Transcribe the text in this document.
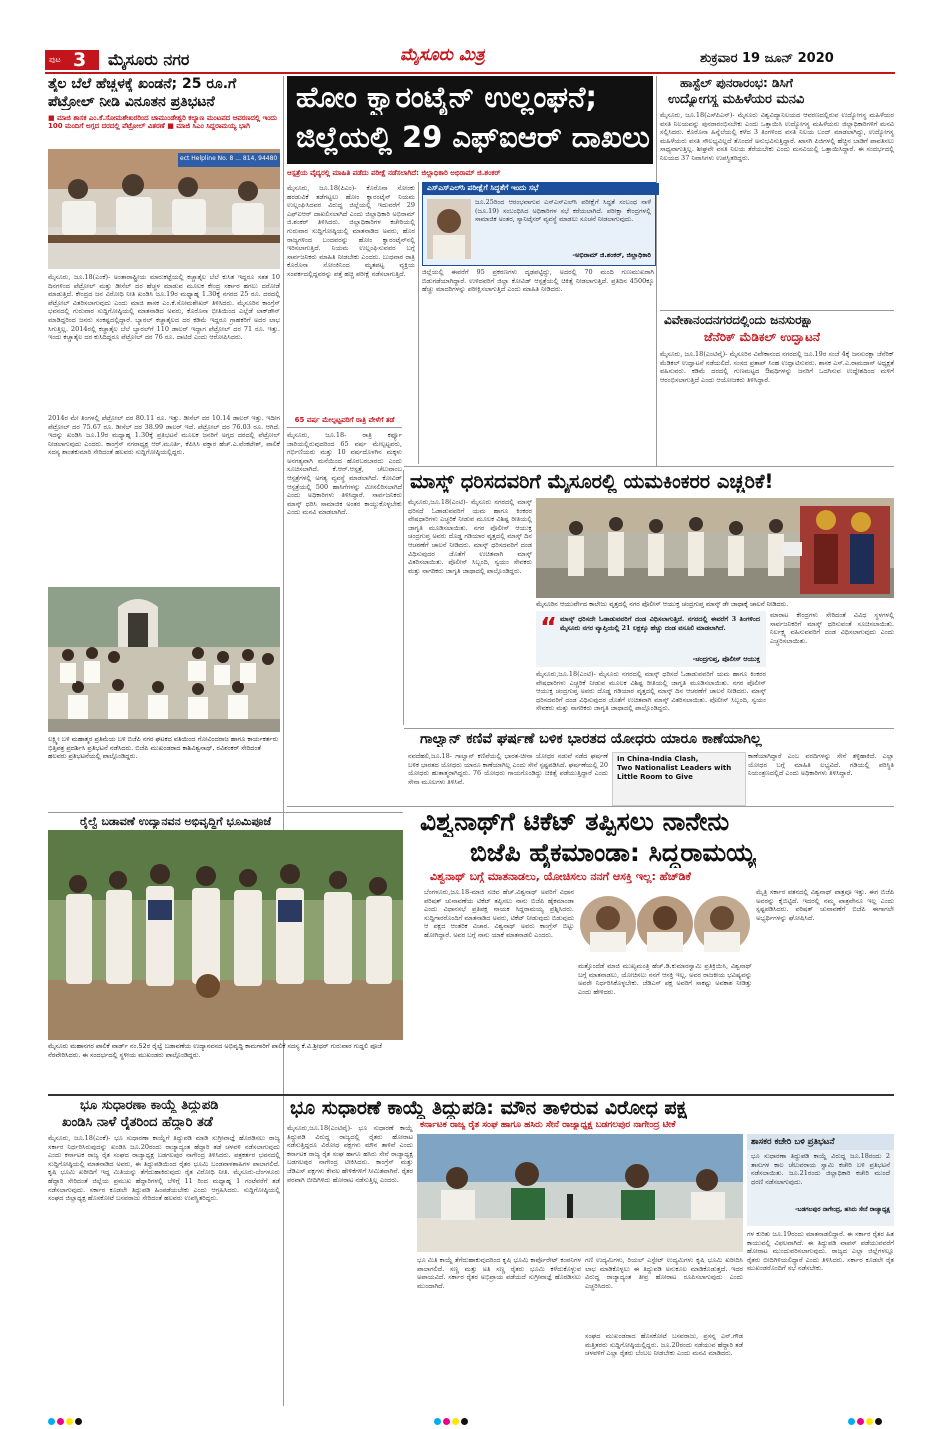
ಪುಟ 3 ಮೈಸೂರು ನಗರ	ಮೈಸೂರು ಮಿತ್ರ	ಶುಕ್ರವಾರ 19 ಜೂನ್ 2020
ತೈಲ ಬೆಲೆ ಹೆಚ್ಚಳಕ್ಕೆ ಖಂಡನೆ; 25 ರೂ.ಗೆ
ಪೆಟ್ರೋಲ್ ನೀಡಿ ವಿನೂತನ ಪ್ರತಿಭಟನೆ
■ ಮಾಜಿ ಶಾಸಕ ಎಂ.ಕೆ.ಸೋಮಶೇಖರರಿಂದ ಚಾಮುಂಡೇಶ್ವರಿ ಕಲ್ಯಾಣ ಮಂಟಪದ ಆವರಣದಲ್ಲಿ ಇಂದು 100 ಮಂದಿಗೆ ಅಗ್ಗದ ದರದಲ್ಲಿ ಪೆಟ್ರೋಲ್ ವಿತರಣೆ ■ ಮಾಜಿ ಸಿಎಂ ಸಿದ್ದರಾಮಯ್ಯ ಭಾಗಿ
ect Helpline No. 8 ... 814, 94480
ಮೈಸೂರು, ಜೂ.18(ಎಂಕೆ)- ಅಂತಾರಾಷ್ಟ್ರೀಯ ಮಾರುಕಟ್ಟೆಯಲ್ಲಿ ಕಚ್ಚಾತೈಲ ಬೆಲೆ ಕುಸಿತ ಇದ್ದರೂ ಸತತ 10 ದಿನಗಳಿಂದ ಪೆಟ್ರೋಲ್ ಮತ್ತು ಡೀಸೆಲ್ ದರ ಹೆಚ್ಚಳ ಮಾಡುವ ಮೂಲಕ ಕೇಂದ್ರ ಸರ್ಕಾರ ಹಗಲು ದರೋಡೆ ಮಾಡುತ್ತಿದೆ. ಕೇಂದ್ರದ ಜನ ವಿರೋಧಿ ನೀತಿ ಖಂಡಿಸಿ ಜೂ.19ರ ಮಧ್ಯಾಹ್ನ 1.30ಕ್ಕೆ ನಗರದ 25 ರೂ. ದರದಲ್ಲಿ ಪೆಟ್ರೋಲ್ ವಿತರಿಸಲಾಗುವುದು ಎಂದು ಮಾಜಿ ಶಾಸಕ ಎಂ.ಕೆ.ಸೋಮಶೇಖರ್ ತಿಳಿಸಿದರು. ಮೈಸೂರಿನ ಕಾಂಗ್ರೆಸ್ ಭವನದಲ್ಲಿ ಗುರುವಾರ ಸುದ್ದಿಗೋಷ್ಠಿಯಲ್ಲಿ ಮಾತನಾಡಿದ ಅವರು, ಕೊರೊನಾ ಭೀತಿಯಿಂದ ಎಲ್ಲೆಡೆ ಲಾಕ್‍ಡೌನ್ ಮಾಡಿದ್ದರಿಂದ ಜನರು ಸಂಕಷ್ಟದಲ್ಲಿದ್ದಾರೆ. ಬ್ಯಾರಲ್ ಕಚ್ಚಾತೈಲದ ದರ ಕಡಿಮೆ ಇದ್ದರೂ ಗ್ರಾಹಕರಿಗೆ ಅದರ ಲಾಭ ಸಿಗುತ್ತಿಲ್ಲ. 2014ರಲ್ಲಿ ಕಚ್ಚಾತೈಲ ಬೆಲೆ ಬ್ಯಾರಲ್‍ಗೆ 110 ಡಾಲರ್ ಇದ್ದಾಗ ಪೆಟ್ರೋಲ್ ದರ 71 ರೂ. ಇತ್ತು. ಇಂದು ಕಚ್ಚಾತೈಲ ದರ ಕುಸಿದಿದ್ದರೂ ಪೆಟ್ರೋಲ್ ದರ 76 ರೂ. ದಾಟಿದೆ ಎಂದು ಆರೋಪಿಸಿದರು.
2014ರ ಮೇ ತಿಂಗಳಲ್ಲಿ ಪೆಟ್ರೋಲ್ ದರ 80.11 ರೂ. ಇತ್ತು. ಡೀಸೆಲ್ ದರ 10.14 ಡಾಲರ್ ಇತ್ತು. ಇದೀಗ ಪೆಟ್ರೋಲ್ ದರ 75.67 ರೂ. ಡೀಸೆಲ್ ದರ 38.99 ಡಾಲರ್ ಇದೆ. ಪೆಟ್ರೋಲ್ ದರ 76.03 ರೂ. ಆಗಿದೆ. ಇದನ್ನು ಖಂಡಿಸಿ ಜೂ.19ರ ಮಧ್ಯಾಹ್ನ 1.30ಕ್ಕೆ ಪ್ರತಿಭಟನೆ ಮೂಲಕ ಜನರಿಗೆ ಅಗ್ಗದ ದರದಲ್ಲಿ ಪೆಟ್ರೋಲ್ ನೀಡಲಾಗುವುದು ಎಂದರು. ಕಾಂಗ್ರೆಸ್ ನಗರಾಧ್ಯಕ್ಷ ಆರ್.ಮೂರ್ತಿ, ಕೆಪಿಸಿಸಿ ವಕ್ತಾರ ಹೆಚ್.ಎ.ವೆಂಕಟೇಶ್, ಪಾಲಿಕೆ ಸದಸ್ಯ ಶಾಂತಕುಮಾರಿ ಸೇರಿದಂತೆ ಹಲವರು ಸುದ್ದಿಗೋಷ್ಠಿಯಲ್ಲಿದ್ದರು.
ಲಕ್ಷ್ಮೀ ಬಳಿ ಮಹಾತ್ಮರ ಪ್ರತಿಮೆಯ ಬಳಿ ಬಿಜೆಪಿ ನಗರ ಘಟಕದ ವತಿಯಿಂದ ಗೋವಿಂದರಾಜ ಹಾಗೂ ಕಾರ್ಯಕರ್ತರು ಭಿತ್ತಿಪತ್ರ ಪ್ರದರ್ಶಿಸಿ ಪ್ರತಿಭಟನೆ ನಡೆಸಿದರು. ಬಿಜೆಪಿ ಮುಖಂಡರಾದ ಕಾಶಿವಿಶ್ವನಾಥ್, ರವಿಶಂಕರ್ ಸೇರಿದಂತೆ ಹಲವರು ಪ್ರತಿಭಟನೆಯಲ್ಲಿ ಪಾಲ್ಗೊಂಡಿದ್ದರು.
ರೈಲ್ವೆ ಬಡಾವಣೆ ಉದ್ಯಾನವನ ಅಭಿವೃದ್ಧಿಗೆ ಭೂಮಿಪೂಜೆ
ಮೈಸೂರು ಮಹಾನಗರ ಪಾಲಿಕೆ ವಾರ್ಡ್ ನಂ.52ರ ರೈಲ್ವೆ ಬಡಾವಣೆಯ ಉದ್ಯಾನವನದ ಅಭಿವೃದ್ಧಿ ಕಾಮಗಾರಿಗೆ ಪಾಲಿಕೆ ಸದಸ್ಯ ಕೆ.ವಿ.ಶ್ರೀಧರ್ ಗುರುವಾರ ಗುದ್ದಲಿ ಪೂಜೆ ನೆರವೇರಿಸಿದರು. ಈ ಸಂದರ್ಭದಲ್ಲಿ ಸ್ಥಳೀಯ ಮುಖಂಡರು ಪಾಲ್ಗೊಂಡಿದ್ದರು.
ಹೋಂ ಕ್ವಾರಂಟೈನ್ ಉಲ್ಲಂಘನೆ;
ಜಿಲ್ಲೆಯಲ್ಲಿ 29 ಎಫ್‍ಐಆರ್ ದಾಖಲು
ಆಸ್ಪತ್ರೆಯ ವೈದ್ಯರಲ್ಲಿ ಮಾಹಿತಿ ಪಡೆದು ಪರೀಕ್ಷೆ ನಡೆಸಲಾಗಿದೆ: ಜಿಲ್ಲಾಧಿಕಾರಿ ಅಭಿರಾಮ್ ಜಿ.ಶಂಕರ್
ಮೈಸೂರು, ಜೂ.18(ಪಿಎಂ)- ಕೊರೊನಾ ಸೋಂಕು ಹರಡುವಿಕೆ ತಡೆಗಟ್ಟಲು ಹೋಂ ಕ್ವಾರಂಟೈನ್ ನಿಯಮ ಉಲ್ಲಂಘಿಸಿದವರ ವಿರುದ್ಧ ಜಿಲ್ಲೆಯಲ್ಲಿ ಇದುವರೆಗೆ 29 ಎಫ್‍ಐಆರ್ ದಾಖಲಿಸಲಾಗಿದೆ ಎಂದು ಜಿಲ್ಲಾಧಿಕಾರಿ ಅಭಿರಾಮ್ ಜಿ.ಶಂಕರ್ ತಿಳಿಸಿದರು. ಜಿಲ್ಲಾಧಿಕಾರಿಗಳ ಕಚೇರಿಯಲ್ಲಿ ಗುರುವಾರ ಸುದ್ದಿಗೋಷ್ಠಿಯಲ್ಲಿ ಮಾತನಾಡಿದ ಅವರು, ಹೊರ ರಾಜ್ಯಗಳಿಂದ ಬಂದವರನ್ನು ಹೋಂ ಕ್ವಾರಂಟೈನ್‍ನಲ್ಲಿ ಇರಿಸಲಾಗುತ್ತಿದೆ. ನಿಯಮ ಉಲ್ಲಂಘಿಸುವವರ ಬಗ್ಗೆ ಸಾರ್ವಜನಿಕರು ಮಾಹಿತಿ ನೀಡಬೇಕು ಎಂದರು. ಬುಧವಾರ ರಾತ್ರಿ ಕೊರೊನಾ ಸೋಂಕಿನಿಂದ ಮೃತಪಟ್ಟ ವ್ಯಕ್ತಿಯ ಸಂಪರ್ಕದಲ್ಲಿದ್ದವರನ್ನು ಪತ್ತೆ ಹಚ್ಚಿ ಪರೀಕ್ಷೆ ನಡೆಸಲಾಗುತ್ತಿದೆ.
ಎಸ್‍ಎಸ್‍ಎಲ್‍ಸಿ ಪರೀಕ್ಷೆಗೆ ಸಿದ್ಧತೆಗೆ ಇಂದು ಸಭೆ
ಜೂ.25ರಿಂದ ಆರಂಭವಾಗುವ ಎಸ್‍ಎಸ್‍ಎಲ್‍ಸಿ ಪರೀಕ್ಷೆಗೆ ಸಿದ್ಧತೆ ಸಂಬಂಧ ನಾಳೆ (ಜೂ.19) ಸಂಬಂಧಿಸಿದ ಅಧಿಕಾರಿಗಳ ಸಭೆ ಕರೆಯಲಾಗಿದೆ. ಪರೀಕ್ಷಾ ಕೇಂದ್ರಗಳಲ್ಲಿ ಸಾಮಾಜಿಕ ಅಂತರ, ಸ್ಯಾನಿಟೈಸರ್ ವ್ಯವಸ್ಥೆ ಮಾಡಲು ಸೂಚನೆ ನೀಡಲಾಗುವುದು.
-ಅಭಿರಾಮ್ ಜಿ.ಶಂಕರ್, ಜಿಲ್ಲಾಧಿಕಾರಿ
ಜಿಲ್ಲೆಯಲ್ಲಿ ಈವರೆಗೆ 95 ಪ್ರಕರಣಗಳು ದೃಢಪಟ್ಟಿದ್ದು, ಅದರಲ್ಲಿ 70 ಮಂದಿ ಗುಣಮುಖರಾಗಿ ಬಿಡುಗಡೆಯಾಗಿದ್ದಾರೆ. ಉಳಿದವರಿಗೆ ಜಿಲ್ಲಾ ಕೋವಿಡ್ ಆಸ್ಪತ್ರೆಯಲ್ಲಿ ಚಿಕಿತ್ಸೆ ನೀಡಲಾಗುತ್ತಿದೆ. ಪ್ರತಿದಿನ 4500ಕ್ಕೂ ಹೆಚ್ಚು ಮಾದರಿಗಳನ್ನು ಪರೀಕ್ಷಿಸಲಾಗುತ್ತಿದೆ ಎಂದು ಮಾಹಿತಿ ನೀಡಿದರು.
65 ವರ್ಷ ಮೇಲ್ಪಟ್ಟವರಿಗೆ ರಾತ್ರಿ ವೇಳೆಗೆ ತಡೆ
ಮೈಸೂರು, ಜೂ.18- ರಾತ್ರಿ ಕರ್ಫ್ಯೂ ಜಾರಿಯಲ್ಲಿರುವುದರಿಂದ 65 ವರ್ಷ ಮೇಲ್ಪಟ್ಟವರು, ಗರ್ಭಿಣಿಯರು ಮತ್ತು 10 ವರ್ಷದೊಳಗಿನ ಮಕ್ಕಳು ಅನಗತ್ಯವಾಗಿ ಮನೆಯಿಂದ ಹೊರಬರಬಾರದು ಎಂದು ಸೂಚಿಸಲಾಗಿದೆ. ಕೆ.ಆರ್.ಆಸ್ಪತ್ರೆ, ಚೆಲುವಾಂಬ ಆಸ್ಪತ್ರೆಗಳಲ್ಲಿ ಅಗತ್ಯ ವ್ಯವಸ್ಥೆ ಮಾಡಲಾಗಿದೆ. ಕೋವಿಡ್ ಆಸ್ಪತ್ರೆಯಲ್ಲಿ 500 ಹಾಸಿಗೆಗಳನ್ನು ಮೀಸಲಿರಿಸಲಾಗಿದೆ ಎಂದು ಅಧಿಕಾರಿಗಳು ತಿಳಿಸಿದ್ದಾರೆ. ಸಾರ್ವಜನಿಕರು ಮಾಸ್ಕ್ ಧರಿಸಿ ಸಾಮಾಜಿಕ ಅಂತರ ಕಾಯ್ದುಕೊಳ್ಳಬೇಕು ಎಂದು ಮನವಿ ಮಾಡಲಾಗಿದೆ.
ಹಾಸ್ಟೆಲ್ ಪುನರಾರಂಭ: ಡಿಸಿಗೆ
ಉದ್ಯೋಗಸ್ಥ ಮಹಿಳೆಯರ ಮನವಿ
ಮೈಸೂರು, ಜೂ.18(ಎಸ್‍ಪಿಎನ್)- ಮೈಸೂರು ವಿಶ್ವವಿದ್ಯಾನಿಲಯದ ಆವರಣದಲ್ಲಿರುವ ಉದ್ಯೋಗಸ್ಥ ಮಹಿಳೆಯರ ವಸತಿ ನಿಲಯವನ್ನು ಪುನರಾರಂಭಿಸಬೇಕು ಎಂದು ಒತ್ತಾಯಿಸಿ ಉದ್ಯೋಗಸ್ಥ ಮಹಿಳೆಯರು ಜಿಲ್ಲಾಧಿಕಾರಿಗಳಿಗೆ ಮನವಿ ಸಲ್ಲಿಸಿದರು. ಕೊರೊನಾ ಹಿನ್ನೆಲೆಯಲ್ಲಿ ಕಳೆದ 3 ತಿಂಗಳಿಂದ ವಸತಿ ನಿಲಯ ಬಂದ್ ಮಾಡಲಾಗಿದ್ದು, ಉದ್ಯೋಗಸ್ಥ ಮಹಿಳೆಯರು ವಸತಿ ಸೌಲಭ್ಯವಿಲ್ಲದೆ ತೊಂದರೆ ಅನುಭವಿಸುತ್ತಿದ್ದಾರೆ. ಖಾಸಗಿ ಪಿಜಿಗಳಲ್ಲಿ ಹೆಚ್ಚಿನ ಬಾಡಿಗೆ ಪಾವತಿಸಲು ಸಾಧ್ಯವಾಗುತ್ತಿಲ್ಲ. ಶೀಘ್ರವೇ ವಸತಿ ನಿಲಯ ತೆರೆಯಬೇಕು ಎಂದು ಮನವಿಯಲ್ಲಿ ಒತ್ತಾಯಿಸಿದ್ದಾರೆ. ಈ ಸಂದರ್ಭದಲ್ಲಿ ನಿಲಯದ 37 ನಿವಾಸಿಗಳು ಉಪಸ್ಥಿತರಿದ್ದರು.
ವಿವೇಕಾನಂದನಗರದಲ್ಲಿಂದು ಜನಸುರಕ್ಷಾ
ಜೆನೆರಿಕ್ ಮೆಡಿಕಲ್ ಉದ್ಘಾಟನೆ
ಮೈಸೂರು, ಜೂ.18(ಎಂಟಿವೈ)- ಮೈಸೂರಿನ ವಿವೇಕಾನಂದ ನಗರದಲ್ಲಿ ಜೂ.19ರ ಸಂಜೆ 4ಕ್ಕೆ ಜನಸುರಕ್ಷಾ ಜೆನೆರಿಕ್ ಮೆಡಿಕಲ್ ಉದ್ಘಾಟನೆ ನಡೆಯಲಿದೆ. ಸಂಸದ ಪ್ರತಾಪ್ ಸಿಂಹ ಉದ್ಘಾಟಿಸುವರು. ಶಾಸಕ ಎಸ್.ಎ.ರಾಮದಾಸ್ ಅಧ್ಯಕ್ಷತೆ ವಹಿಸುವರು. ಕಡಿಮೆ ದರದಲ್ಲಿ ಗುಣಮಟ್ಟದ ಔಷಧಿಗಳನ್ನು ಜನರಿಗೆ ಒದಗಿಸುವ ಉದ್ದೇಶದಿಂದ ಮಳಿಗೆ ಆರಂಭಿಸಲಾಗುತ್ತಿದೆ ಎಂದು ಆಯೋಜಕರು ತಿಳಿಸಿದ್ದಾರೆ.
ಮಾಸ್ಕ್ ಧರಿಸದವರಿಗೆ ಮೈಸೂರಲ್ಲಿ ಯಮಕಿಂಕರರ ಎಚ್ಚರಿಕೆ!
ಮೈಸೂರು,ಜೂ.18(ಎಂಟಿ)- ಮೈಸೂರು ನಗರದಲ್ಲಿ ಮಾಸ್ಕ್ ಧರಿಸದೆ ಓಡಾಡುವವರಿಗೆ ಯಮ ಹಾಗೂ ಕಿಂಕರರ ವೇಷಧಾರಿಗಳು ಎಚ್ಚರಿಕೆ ನೀಡುವ ಮೂಲಕ ವಿಶಿಷ್ಟ ರೀತಿಯಲ್ಲಿ ಜಾಗೃತಿ ಮೂಡಿಸಲಾಯಿತು. ನಗರ ಪೊಲೀಸ್ ಆಯುಕ್ತ ಚಂದ್ರಗುಪ್ತ ಅವರು ದೊಡ್ಡ ಗಡಿಯಾರ ವೃತ್ತದಲ್ಲಿ ಮಾಸ್ಕ್ ದಿನ ಆಚರಣೆಗೆ ಚಾಲನೆ ನೀಡಿದರು. ಮಾಸ್ಕ್ ಧರಿಸದವರಿಗೆ ದಂಡ ವಿಧಿಸುವುದರ ಜೊತೆಗೆ ಉಚಿತವಾಗಿ ಮಾಸ್ಕ್ ವಿತರಿಸಲಾಯಿತು. ಪೊಲೀಸ್ ಸಿಬ್ಬಂದಿ, ಸ್ವಯಂ ಸೇವಕರು ಮತ್ತು ನಾಗರಿಕರು ಜಾಗೃತಿ ಜಾಥಾದಲ್ಲಿ ಪಾಲ್ಗೊಂಡಿದ್ದರು.
ಮೈಸೂರಿನ ಆಯುರ್ವೇದ ಕಾಲೇಜು ವೃತ್ತದಲ್ಲಿ ನಗರ ಪೊಲೀಸ್ ಆಯುಕ್ತ ಚಂದ್ರಗುಪ್ತ ಮಾಸ್ಕ್ ಡೇ ಜಾಥಾಕ್ಕೆ ಚಾಲನೆ ನೀಡಿದರು.
“ ಮಾಸ್ಕ್ ಧರಿಸದೇ ಓಡಾಡುವವರಿಗೆ ದಂಡ ವಿಧಿಸಲಾಗುತ್ತಿದೆ. ನಗರದಲ್ಲಿ ಈವರೆಗೆ 3 ತಿಂಗಳಿಂದ ಮೈಸೂರು ನಗರ ವ್ಯಾಪ್ತಿಯಲ್ಲಿ 21 ಲಕ್ಷಕ್ಕೂ ಹೆಚ್ಚು ದಂಡ ವಸೂಲಿ ಮಾಡಲಾಗಿದೆ.
-ಚಂದ್ರಗುಪ್ತ, ಪೊಲೀಸ್ ಆಯುಕ್ತ
ಮಾರಾಟ ಕೇಂದ್ರಗಳು ಸೇರಿದಂತೆ ವಿವಿಧ ಸ್ಥಳಗಳಲ್ಲಿ ಸಾರ್ವಜನಿಕರಿಗೆ ಮಾಸ್ಕ್ ಧರಿಸುವಂತೆ ಸೂಚಿಸಲಾಯಿತು. ನಿರ್ಲಕ್ಷ್ಯ ವಹಿಸುವವರಿಗೆ ದಂಡ ವಿಧಿಸಲಾಗುವುದು ಎಂದು ಎಚ್ಚರಿಸಲಾಯಿತು.
ಮೈಸೂರು,ಜೂ.18(ಎಂಟಿ)- ಮೈಸೂರು ನಗರದಲ್ಲಿ ಮಾಸ್ಕ್ ಧರಿಸದೆ ಓಡಾಡುವವರಿಗೆ ಯಮ ಹಾಗೂ ಕಿಂಕರರ ವೇಷಧಾರಿಗಳು ಎಚ್ಚರಿಕೆ ನೀಡುವ ಮೂಲಕ ವಿಶಿಷ್ಟ ರೀತಿಯಲ್ಲಿ ಜಾಗೃತಿ ಮೂಡಿಸಲಾಯಿತು. ನಗರ ಪೊಲೀಸ್ ಆಯುಕ್ತ ಚಂದ್ರಗುಪ್ತ ಅವರು ದೊಡ್ಡ ಗಡಿಯಾರ ವೃತ್ತದಲ್ಲಿ ಮಾಸ್ಕ್ ದಿನ ಆಚರಣೆಗೆ ಚಾಲನೆ ನೀಡಿದರು. ಮಾಸ್ಕ್ ಧರಿಸದವರಿಗೆ ದಂಡ ವಿಧಿಸುವುದರ ಜೊತೆಗೆ ಉಚಿತವಾಗಿ ಮಾಸ್ಕ್ ವಿತರಿಸಲಾಯಿತು. ಪೊಲೀಸ್ ಸಿಬ್ಬಂದಿ, ಸ್ವಯಂ ಸೇವಕರು ಮತ್ತು ನಾಗರಿಕರು ಜಾಗೃತಿ ಜಾಥಾದಲ್ಲಿ ಪಾಲ್ಗೊಂಡಿದ್ದರು.
ಗಾಲ್ವಾನ್ ಕಣಿವೆ ಘರ್ಷಣೆ ಬಳಿಕ ಭಾರತದ ಯೋಧರು ಯಾರೂ ಕಾಣೆಯಾಗಿಲ್ಲ
ನವದೆಹಲಿ,ಜೂ.18- ಗಾಲ್ವಾನ್ ಕಣಿವೆಯಲ್ಲಿ ಭಾರತ-ಚೀನಾ ಯೋಧರ ನಡುವೆ ನಡೆದ ಘರ್ಷಣೆ ಬಳಿಕ ಭಾರತದ ಯೋಧರು ಯಾರೂ ಕಾಣೆಯಾಗಿಲ್ಲ ಎಂದು ಸೇನೆ ಸ್ಪಷ್ಟಪಡಿಸಿದೆ. ಘರ್ಷಣೆಯಲ್ಲಿ 20 ಯೋಧರು ಹುತಾತ್ಮರಾಗಿದ್ದರು. 76 ಯೋಧರು ಗಾಯಗೊಂಡಿದ್ದು ಚಿಕಿತ್ಸೆ ಪಡೆಯುತ್ತಿದ್ದಾರೆ ಎಂದು ಸೇನಾ ಮೂಲಗಳು ತಿಳಿಸಿವೆ.
In China-India Clash,
Two Nationalist Leaders with
Little Room to Give
ಕಾಣೆಯಾಗಿದ್ದಾರೆ ಎಂಬ ವರದಿಗಳನ್ನು ಸೇನೆ ತಳ್ಳಿಹಾಕಿದೆ. ಎಲ್ಲಾ ಯೋಧರ ಬಗ್ಗೆ ಮಾಹಿತಿ ಲಭ್ಯವಿದೆ. ಗಡಿಯಲ್ಲಿ ಪರಿಸ್ಥಿತಿ ನಿಯಂತ್ರಣದಲ್ಲಿದೆ ಎಂದು ಅಧಿಕಾರಿಗಳು ತಿಳಿಸಿದ್ದಾರೆ.
ವಿಶ್ವನಾಥ್‍ಗೆ ಟಿಕೆಟ್ ತಪ್ಪಿಸಲು ನಾನೇನು
ಬಿಜೆಪಿ ಹೈಕಮಾಂಡಾ: ಸಿದ್ದರಾಮಯ್ಯ
ವಿಶ್ವನಾಥ್ ಬಗ್ಗೆ ಮಾತನಾಡಲು, ಯೋಚಿಸಲು ನನಗೆ ಆಸಕ್ತಿ ಇಲ್ಲ: ಹೆಚ್‍ಡಿಕೆ
ಬೆಂಗಳೂರು,ಜೂ.18-ಮಾಜಿ ಸಚಿವ ಹೆಚ್.ವಿಶ್ವನಾಥ್ ಅವರಿಗೆ ವಿಧಾನ ಪರಿಷತ್ ಚುನಾವಣೆಯ ಟಿಕೆಟ್ ತಪ್ಪಿಸಲು ನಾನು ಬಿಜೆಪಿ ಹೈಕಮಾಂಡಾ ಎಂದು ವಿಧಾನಸಭೆ ಪ್ರತಿಪಕ್ಷ ನಾಯಕ ಸಿದ್ದರಾಮಯ್ಯ ಪ್ರಶ್ನಿಸಿದರು. ಸುದ್ದಿಗಾರರೊಂದಿಗೆ ಮಾತನಾಡಿದ ಅವರು, ಟಿಕೆಟ್ ನೀಡುವುದು ಬಿಡುವುದು ಆ ಪಕ್ಷದ ಆಂತರಿಕ ವಿಚಾರ. ವಿಶ್ವನಾಥ್ ಅವರು ಕಾಂಗ್ರೆಸ್ ಬಿಟ್ಟು ಹೋಗಿದ್ದಾರೆ. ಅವರ ಬಗ್ಗೆ ನಾನು ಯಾಕೆ ಮಾತನಾಡಲಿ ಎಂದರು.
ಮತ್ತೊಂದೆಡೆ ಮಾಜಿ ಮುಖ್ಯಮಂತ್ರಿ ಹೆಚ್.ಡಿ.ಕುಮಾರಸ್ವಾಮಿ ಪ್ರತಿಕ್ರಿಯಿಸಿ, ವಿಶ್ವನಾಥ್ ಬಗ್ಗೆ ಮಾತನಾಡಲು, ಯೋಚಿಸಲು ನನಗೆ ಆಸಕ್ತಿ ಇಲ್ಲ. ಅವರ ರಾಜಕೀಯ ಭವಿಷ್ಯವನ್ನು ಅವರೇ ನಿರ್ಧರಿಸಿಕೊಳ್ಳಬೇಕು. ಜೆಡಿಎಸ್ ಪಕ್ಷ ಅವರಿಗೆ ಸಾಕಷ್ಟು ಅವಕಾಶ ನೀಡಿತ್ತು ಎಂದು ಹೇಳಿದರು.
ಮೈತ್ರಿ ಸರ್ಕಾರ ಪತನದಲ್ಲಿ ವಿಶ್ವನಾಥ್ ಪಾತ್ರವೂ ಇತ್ತು. ಈಗ ಬಿಜೆಪಿ ಅವರನ್ನು ಕೈಬಿಟ್ಟಿದೆ. ಇದರಲ್ಲಿ ನಮ್ಮ ಪಾತ್ರವೇನೂ ಇಲ್ಲ ಎಂದು ಸ್ಪಷ್ಟಪಡಿಸಿದರು. ಪರಿಷತ್ ಚುನಾವಣೆಗೆ ಬಿಜೆಪಿ ಈಗಾಗಲೇ ಅಭ್ಯರ್ಥಿಗಳನ್ನು ಘೋಷಿಸಿದೆ.
ಭೂ ಸುಧಾರಣಾ ಕಾಯ್ದೆ ತಿದ್ದುಪಡಿ
ಖಂಡಿಸಿ ನಾಳೆ ರೈತರಿಂದ ಹೆದ್ದಾರಿ ತಡೆ
ಮೈಸೂರು, ಜೂ.18(ಎಂಕೆ)- ಭೂ ಸುಧಾರಣಾ ಕಾಯ್ದೆಗೆ ತಿದ್ದುಪಡಿ ಮಾಡಿ ಸುಗ್ರೀವಾಜ್ಞೆ ಹೊರಡಿಸಲು ರಾಜ್ಯ ಸರ್ಕಾರ ನಿರ್ಧರಿಸಿರುವುದನ್ನು ಖಂಡಿಸಿ ಜೂ.20ರಂದು ರಾಜ್ಯಾದ್ಯಂತ ಹೆದ್ದಾರಿ ತಡೆ ಚಳವಳಿ ನಡೆಸಲಾಗುವುದು ಎಂದು ಕರ್ನಾಟಕ ರಾಜ್ಯ ರೈತ ಸಂಘದ ರಾಜ್ಯಾಧ್ಯಕ್ಷ ಬಡಗಲಪುರ ನಾಗೇಂದ್ರ ತಿಳಿಸಿದರು. ಪತ್ರಕರ್ತರ ಭವನದಲ್ಲಿ ಸುದ್ದಿಗೋಷ್ಠಿಯಲ್ಲಿ ಮಾತನಾಡಿದ ಅವರು, ಈ ತಿದ್ದುಪಡಿಯಿಂದ ರೈತರ ಭೂಮಿ ಬಂಡವಾಳಶಾಹಿಗಳ ಪಾಲಾಗಲಿದೆ. ಕೃಷಿ ಭೂಮಿ ಖರೀದಿಗೆ ಇದ್ದ ಮಿತಿಯನ್ನು ತೆಗೆದುಹಾಕಿರುವುದು ರೈತ ವಿರೋಧಿ ನೀತಿ. ಮೈಸೂರು-ಬೆಂಗಳೂರು ಹೆದ್ದಾರಿ ಸೇರಿದಂತೆ ಜಿಲ್ಲೆಯ ಪ್ರಮುಖ ಹೆದ್ದಾರಿಗಳಲ್ಲಿ ಬೆಳಿಗ್ಗೆ 11 ರಿಂದ ಮಧ್ಯಾಹ್ನ 1 ಗಂಟೆವರೆಗೆ ತಡೆ ನಡೆಸಲಾಗುವುದು. ಸರ್ಕಾರ ಕೂಡಲೇ ತಿದ್ದುಪಡಿ ಹಿಂಪಡೆಯಬೇಕು ಎಂದು ಆಗ್ರಹಿಸಿದರು. ಸುದ್ದಿಗೋಷ್ಠಿಯಲ್ಲಿ ಸಂಘದ ಜಿಲ್ಲಾಧ್ಯಕ್ಷ ಹೊಸಕೋಟೆ ಬಸವರಾಜು ಸೇರಿದಂತೆ ಹಲವರು ಉಪಸ್ಥಿತರಿದ್ದರು.
ಭೂ ಸುಧಾರಣೆ ಕಾಯ್ದೆ ತಿದ್ದುಪಡಿ: ಮೌನ ತಾಳಿರುವ ವಿರೋಧ ಪಕ್ಷ
ಕರ್ನಾಟಕ ರಾಜ್ಯ ರೈತ ಸಂಘ ಹಾಗೂ ಹಸಿರು ಸೇನೆ ರಾಜ್ಯಾಧ್ಯಕ್ಷ ಬಡಗಲಪುರ ನಾಗೇಂದ್ರ ಟೀಕೆ
ಮೈಸೂರು,ಜೂ.18(ಎಂಟಿವೈ)- ಭೂ ಸುಧಾರಣೆ ಕಾಯ್ದೆ ತಿದ್ದುಪಡಿ ವಿರುದ್ಧ ರಾಜ್ಯದಲ್ಲಿ ರೈತರು ಹೋರಾಟ ನಡೆಸುತ್ತಿದ್ದರೂ ವಿರೋಧ ಪಕ್ಷಗಳು ಮೌನ ತಾಳಿವೆ ಎಂದು ಕರ್ನಾಟಕ ರಾಜ್ಯ ರೈತ ಸಂಘ ಹಾಗೂ ಹಸಿರು ಸೇನೆ ರಾಜ್ಯಾಧ್ಯಕ್ಷ ಬಡಗಲಪುರ ನಾಗೇಂದ್ರ ಟೀಕಿಸಿದರು. ಕಾಂಗ್ರೆಸ್ ಮತ್ತು ಜೆಡಿಎಸ್ ಪಕ್ಷಗಳು ಕೇವಲ ಹೇಳಿಕೆಗಳಿಗೆ ಸೀಮಿತವಾಗಿವೆ. ರೈತರ ಪರವಾಗಿ ಬೀದಿಗಿಳಿದು ಹೋರಾಟ ನಡೆಸುತ್ತಿಲ್ಲ ಎಂದರು.
ಭೂ ಮಿತಿ ಕಾಯ್ದೆ ತೆಗೆದುಹಾಕುವುದರಿಂದ ಕೃಷಿ ಭೂಮಿ ಕಾರ್ಪೊರೇಟ್ ಕಂಪನಿಗಳ ಪಾಲಾಗಲಿದೆ. ಸಣ್ಣ ಮತ್ತು ಅತಿ ಸಣ್ಣ ರೈತರು ಭೂಮಿ ಕಳೆದುಕೊಳ್ಳುವ ಅಪಾಯವಿದೆ. ಸರ್ಕಾರ ರೈತರ ಅಭಿಪ್ರಾಯ ಪಡೆಯದೆ ಸುಗ್ರೀವಾಜ್ಞೆ ಹೊರಡಿಸಲು ಮುಂದಾಗಿದೆ.
ಗಣಿ ಉದ್ಯಮಿಗಳು, ರಿಯಲ್ ಎಸ್ಟೇಟ್ ಉದ್ಯಮಿಗಳು ಕೃಷಿ ಭೂಮಿ ಖರೀದಿಸಿ ಲಾಭ ಮಾಡಿಕೊಳ್ಳಲು ಈ ತಿದ್ದುಪಡಿ ಅನುಕೂಲ ಮಾಡಿಕೊಡುತ್ತದೆ. ಇದರ ವಿರುದ್ಧ ರಾಜ್ಯಾದ್ಯಂತ ತೀವ್ರ ಹೋರಾಟ ರೂಪಿಸಲಾಗುವುದು ಎಂದು ಎಚ್ಚರಿಸಿದರು.
ಸಂಘದ ಮುಖಂಡರಾದ ಹೊಸಕೋಟೆ ಬಸವರಾಜು, ಪ್ರಸನ್ನ ಎನ್.ಗೌಡ ಮತ್ತಿತರರು ಸುದ್ದಿಗೋಷ್ಠಿಯಲ್ಲಿದ್ದರು. ಜೂ.20ರಂದು ನಡೆಯುವ ಹೆದ್ದಾರಿ ತಡೆ ಚಳವಳಿಗೆ ಎಲ್ಲಾ ರೈತರು ಬೆಂಬಲ ನೀಡಬೇಕು ಎಂದು ಮನವಿ ಮಾಡಿದರು.
ಶಾಸಕರ ಕಚೇರಿ ಬಳಿ ಪ್ರತಿಭಟನೆ
ಭೂ ಸುಧಾರಣಾ ತಿದ್ದುಪಡಿ ಕಾಯ್ದೆ ವಿರುದ್ಧ ಜೂ.18ರಂದು 2 ತಾಸುಗಳ ಕಾಲ ಚೆಲುವರಾಯ ಸ್ವಾಮಿ ಕಚೇರಿ ಬಳಿ ಪ್ರತಿಭಟನೆ ನಡೆಸಲಾಯಿತು. ಜೂ.21ರಂದು ಜಿಲ್ಲಾಧಿಕಾರಿ ಕಚೇರಿ ಮುಂದೆ ಧರಣಿ ನಡೆಸಲಾಗುವುದು.
-ಬಡಗಲಪುರ ನಾಗೇಂದ್ರ, ಹಸಿರು ಸೇನೆ ರಾಜ್ಯಾಧ್ಯಕ್ಷ
ಗಳ ಕುರಿತು ಜೂ.19ರಂದು ಮಾತನಾಡಲಿದ್ದಾರೆ. ಈ ಸರ್ಕಾರ ರೈತರ ಹಿತ ಕಾಯುವಲ್ಲಿ ವಿಫಲವಾಗಿದೆ. ಈ ತಿದ್ದುಪಡಿ ವಾಪಸ್ ಪಡೆಯುವವರೆಗೆ ಹೋರಾಟ ಮುಂದುವರಿಸಲಾಗುವುದು. ರಾಜ್ಯದ ಎಲ್ಲಾ ಜಿಲ್ಲೆಗಳಲ್ಲೂ ರೈತರು ಬೀದಿಗಿಳಿಯಲಿದ್ದಾರೆ ಎಂದು ತಿಳಿಸಿದರು. ಸರ್ಕಾರ ಕೂಡಲೇ ರೈತ ಮುಖಂಡರೊಂದಿಗೆ ಸಭೆ ನಡೆಸಬೇಕು.
